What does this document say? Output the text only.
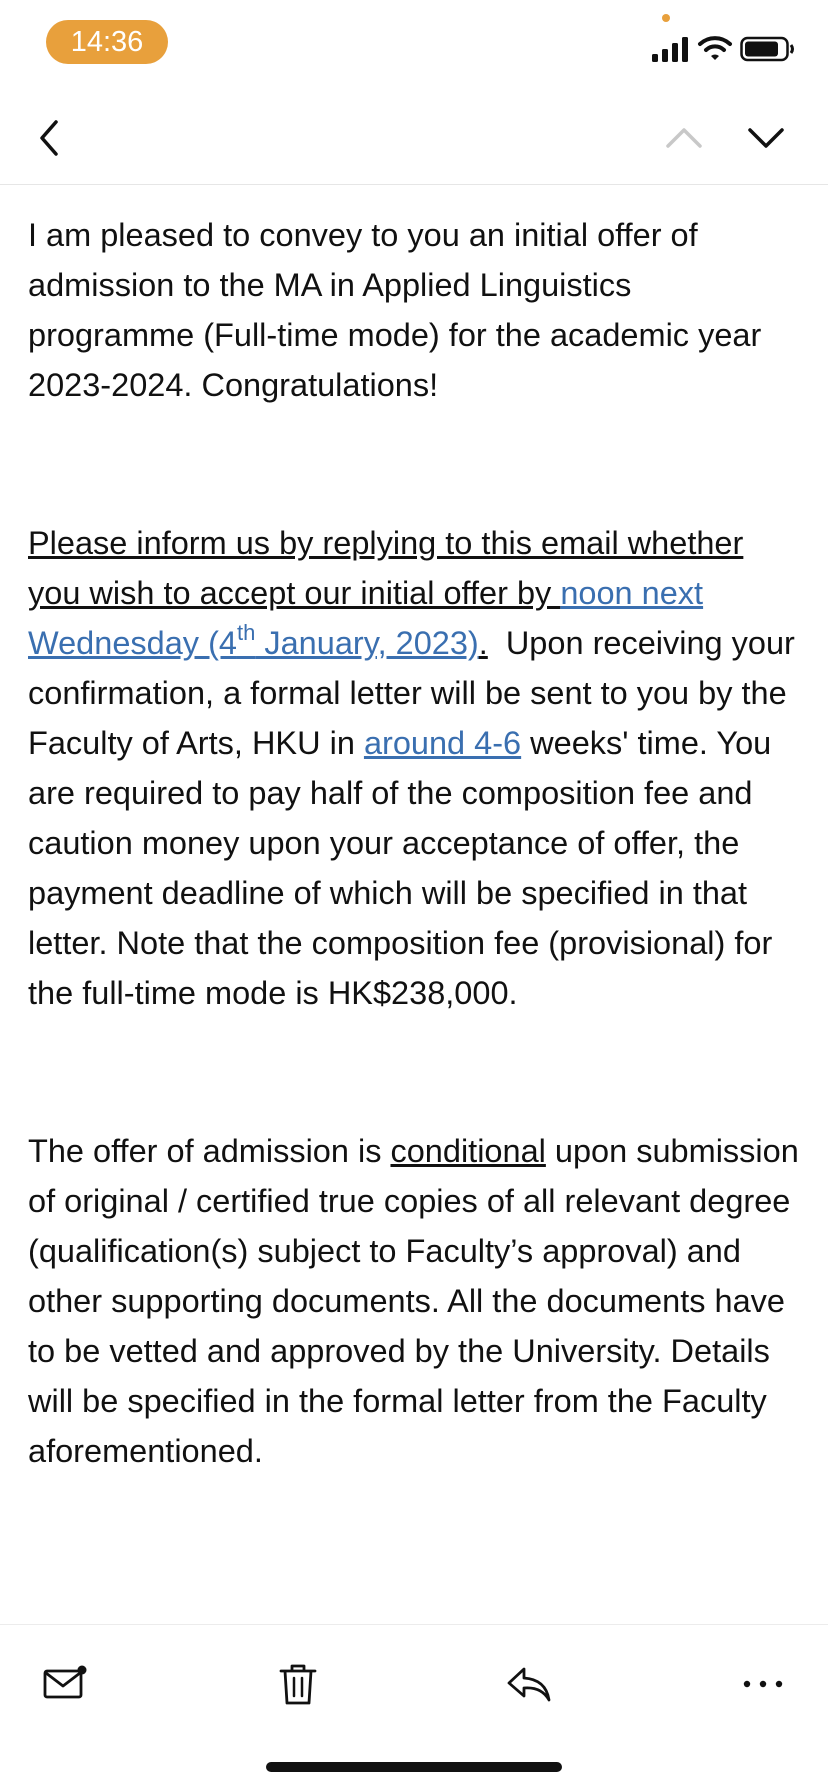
14:36

I am pleased to convey to you an initial offer of admission to the MA in Applied Linguistics programme (Full-time mode) for the academic year 2023-2024. Congratulations!

Please inform us by replying to this email whether you wish to accept our initial offer by noon next Wednesday (4th January, 2023).  Upon receiving your confirmation, a formal letter will be sent to you by the Faculty of Arts, HKU in around 4-6 weeks' time. You are required to pay half of the composition fee and caution money upon your acceptance of offer, the payment deadline of which will be specified in that letter. Note that the composition fee (provisional) for the full-time mode is HK$238,000.

The offer of admission is conditional upon submission of original / certified true copies of all relevant degree (qualification(s) subject to Faculty’s approval) and other supporting documents. All the documents have to be vetted and approved by the University. Details will be specified in the formal letter from the Faculty aforementioned.
